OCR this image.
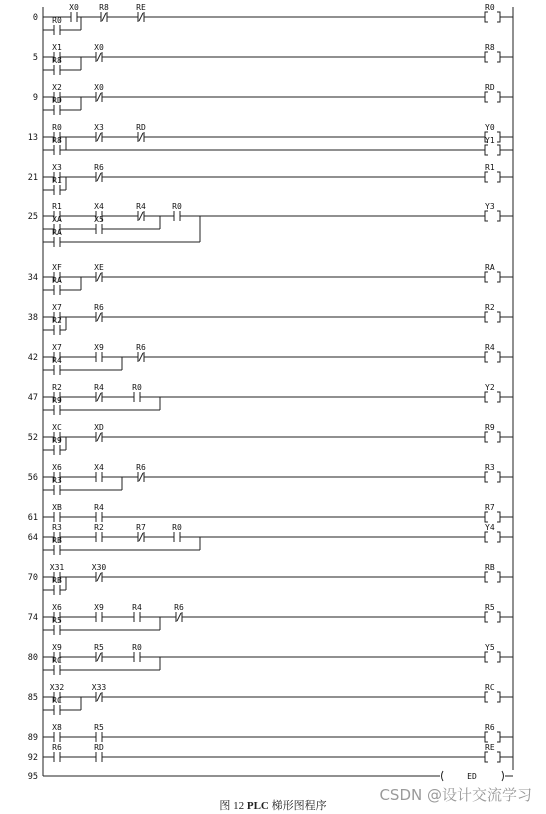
0
R0
X0	R8	RE
R0
5
R8
X1	X0
R8
9
RD
X2	X0
RD
13
Y0
Y1
R0	X3	RD
R8
21
R1
X3	R6
R1
25
Y3
R1	X4	R4	R0
XA	X5
RA
34
RA
XF	XE
RA
38
R2
X7	R6
R2
42
R4
X7	X9	R6
R4
47
Y2
R2	R4	R0
R9
52
R9
XC	XD
R9
56
R3
X6	X4	R6
R3
61
R7
XB	R4
64
Y4
R3	R2	R7	R0
RB
70
RB
X31	X30
RB
74
R5
X6	X9	R4	R6
R5
80
Y5
X9	R5	R0
RC
85
RC
X32	X33
RC
89
R6
X8	R5
92
RE
R6	RD
95	ED
图 12 PLC 梯形图程序
CSDN @设计交流学习
